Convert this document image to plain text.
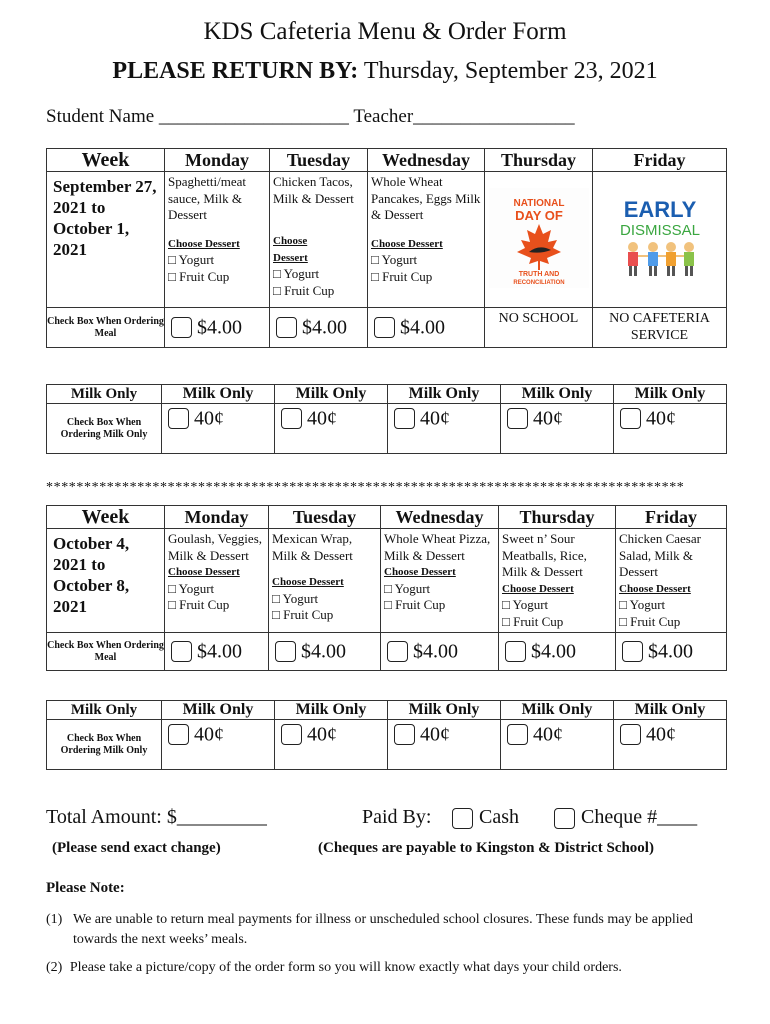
KDS Cafeteria Menu & Order Form
PLEASE RETURN BY: Thursday, September 23, 2021
Student Name ____________________ Teacher_________________
Week	Monday	Tuesday	Wednesday	Thursday	Friday
September 27, 2021 to October 1, 2021	Spaghetti/meat sauce, Milk & Dessert
Choose Dessert
□ Yogurt
□ Fruit Cup	Chicken Tacos, Milk & Dessert
Choose
Dessert
□ Yogurt
□ Fruit Cup	Whole Wheat Pancakes, Eggs Milk & Dessert
Choose Dessert
□ Yogurt
□ Fruit Cup	NATIONAL
DAY OF
TRUTH AND
RECONCILIATION	EARLY
DISMISSAL

Check Box When Ordering Meal	$4.00	$4.00	$4.00	NO SCHOOL	NO CAFETERIA SERVICE
Milk Only	Milk Only	Milk Only	Milk Only	Milk Only	Milk Only
Check Box When Ordering Milk Only	40¢	40¢	40¢	40¢	40¢
************************************************************************************
Week	Monday	Tuesday	Wednesday	Thursday	Friday
October 4, 2021 to October 8, 2021	Goulash, Veggies, Milk & Dessert
Choose Dessert
□ Yogurt
□ Fruit Cup	Mexican Wrap, Milk & Dessert
Choose Dessert
□ Yogurt
□ Fruit Cup	Whole Wheat Pizza, Milk & Dessert
Choose Dessert
□ Yogurt
□ Fruit Cup	Sweet n’ Sour Meatballs, Rice, Milk & Dessert
Choose Dessert
□ Yogurt
□ Fruit Cup	Chicken Caesar Salad, Milk & Dessert
Choose Dessert
□ Yogurt
□ Fruit Cup

Check Box When Ordering Meal	$4.00	$4.00	$4.00	$4.00	$4.00
Milk Only	Milk Only	Milk Only	Milk Only	Milk Only	Milk Only
Check Box When Ordering Milk Only	40¢	40¢	40¢	40¢	40¢
Total Amount: $_________	Paid By:	Cash	Cheque #____
(Please send exact change)	(Cheques are payable to Kingston & District School)
Please Note:
(1) We are unable to return meal payments for illness or unscheduled school closures. These funds may be applied towards the next weeks’ meals.
(2) Please take a picture/copy of the order form so you will know exactly what days your child orders.
